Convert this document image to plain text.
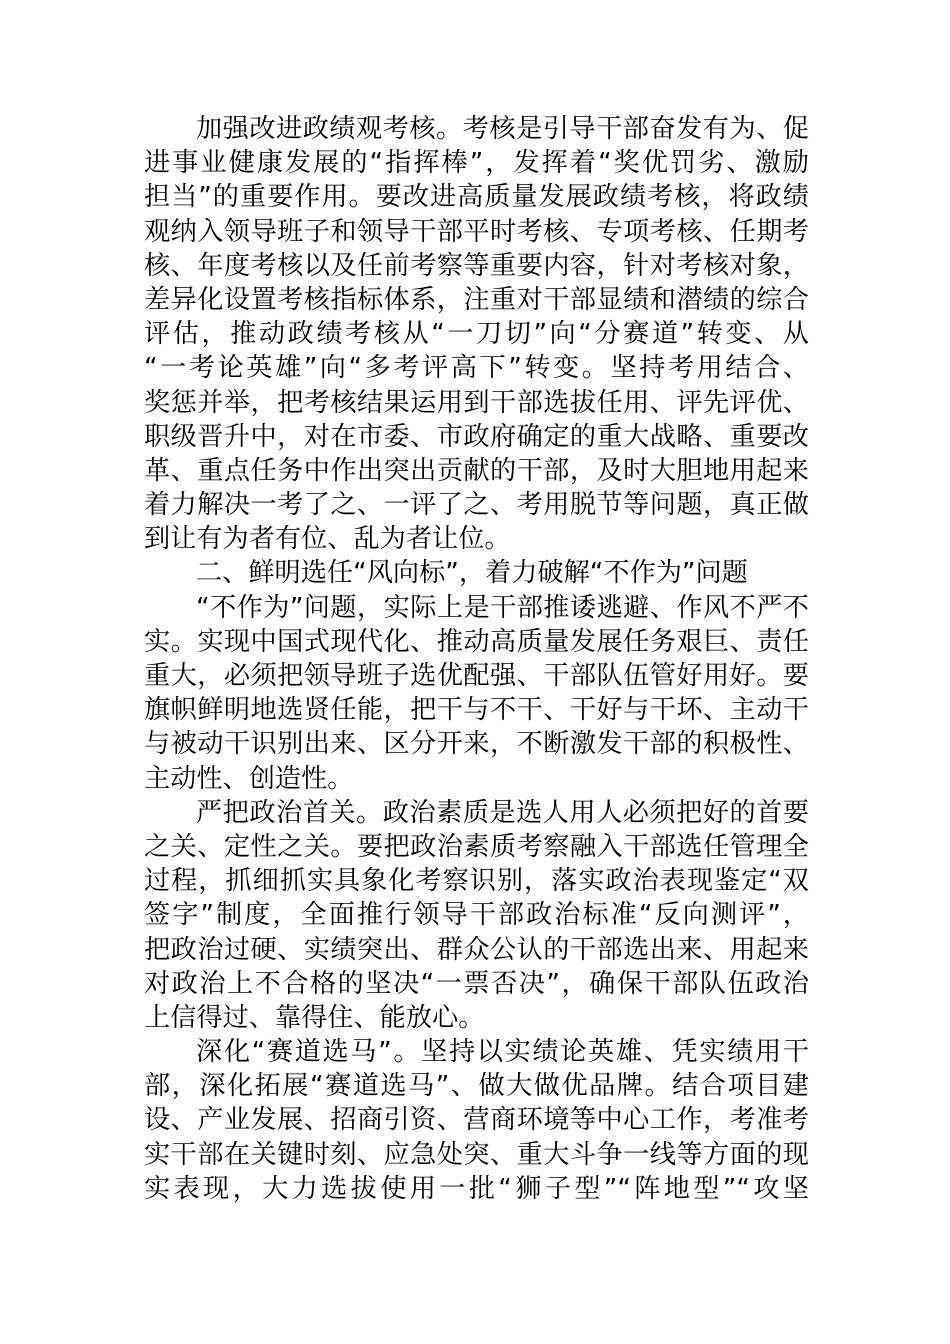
加强改进政绩观考核。考核是引导干部奋发有为、促
进事业健康发展的“指挥棒”，发挥着“奖优罚劣、激励
担当”的重要作用。要改进高质量发展政绩考核，将政绩
观纳入领导班子和领导干部平时考核、专项考核、任期考
核、年度考核以及任前考察等重要内容，针对考核对象，
差异化设置考核指标体系，注重对干部显绩和潜绩的综合
评估，推动政绩考核从“一刀切”向“分赛道”转变、从
“一考论英雄”向“多考评高下”转变。坚持考用结合、
奖惩并举，把考核结果运用到干部选拔任用、评先评优、
职级晋升中，对在市委、市政府确定的重大战略、重要改
革、重点任务中作出突出贡献的干部，及时大胆地用起来
着力解决一考了之、一评了之、考用脱节等问题，真正做
到让有为者有位、乱为者让位。
二、鲜明选任“风向标”，着力破解“不作为”问题
“不作为”问题，实际上是干部推诿逃避、作风不严不
实。实现中国式现代化、推动高质量发展任务艰巨、责任
重大，必须把领导班子选优配强、干部队伍管好用好。要
旗帜鲜明地选贤任能，把干与不干、干好与干坏、主动干
与被动干识别出来、区分开来，不断激发干部的积极性、
主动性、创造性。
严把政治首关。政治素质是选人用人必须把好的首要
之关、定性之关。要把政治素质考察融入干部选任管理全
过程，抓细抓实具象化考察识别，落实政治表现鉴定“双
签字”制度，全面推行领导干部政治标准“反向测评”，
把政治过硬、实绩突出、群众公认的干部选出来、用起来
对政治上不合格的坚决“一票否决”，确保干部队伍政治
上信得过、靠得住、能放心。
深化“赛道选马”。坚持以实绩论英雄、凭实绩用干
部，深化拓展“赛道选马”、做大做优品牌。结合项目建
设、产业发展、招商引资、营商环境等中心工作，考准考
实干部在关键时刻、应急处突、重大斗争一线等方面的现
实表现，大力选拔使用一批“狮子型”“阵地型”“攻坚
